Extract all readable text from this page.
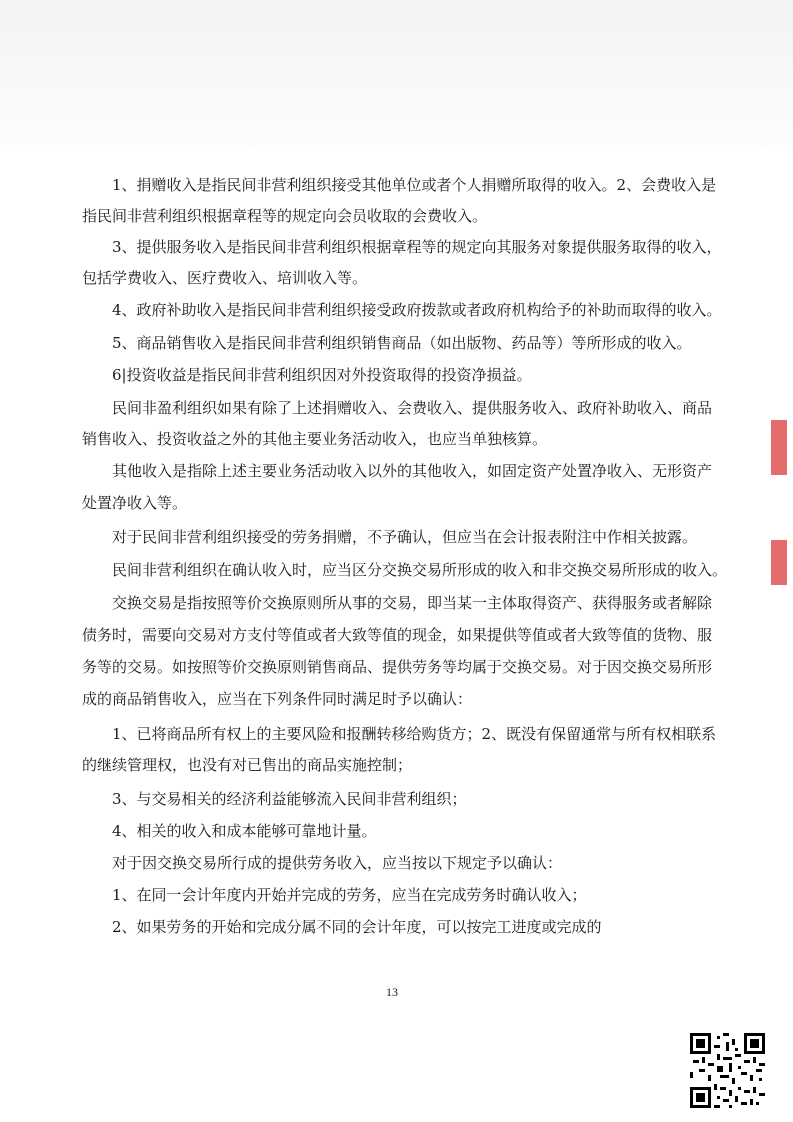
1、捐赠收入是指民间非营利组织接受其他单位或者个人捐赠所取得的收入。2、会费收入是
指民间非营利组织根据章程等的规定向会员收取的会费收入。
3、提供服务收入是指民间非营利组织根据章程等的规定向其服务对象提供服务取得的收入，
包括学费收入、医疗费收入、培训收入等。
4、政府补助收入是指民间非营利组织接受政府拨款或者政府机构给予的补助而取得的收入。
5、商品销售收入是指民间非营利组织销售商品（如出版物、药品等）等所形成的收入。
6|投资收益是指民间非营利组织因对外投资取得的投资净损益。
民间非盈利组织如果有除了上述捐赠收入、会费收入、提供服务收入、政府补助收入、商品
销售收入、投资收益之外的其他主要业务活动收入，也应当单独核算。
其他收入是指除上述主要业务活动收入以外的其他收入，如固定资产处置净收入、无形资产
处置净收入等。
对于民间非营利组织接受的劳务捐赠，不予确认，但应当在会计报表附注中作相关披露。
民间非营利组织在确认收入时，应当区分交换交易所形成的收入和非交换交易所形成的收入。
交换交易是指按照等价交换原则所从事的交易，即当某一主体取得资产、获得服务或者解除
债务时，需要向交易对方支付等值或者大致等值的现金，如果提供等值或者大致等值的货物、服
务等的交易。如按照等价交换原则销售商品、提供劳务等均属于交换交易。对于因交换交易所形
成的商品销售收入，应当在下列条件同时满足时予以确认：
1、已将商品所有权上的主要风险和报酬转移给购货方；2、既没有保留通常与所有权相联系
的继续管理权，也没有对已售出的商品实施控制；
3、与交易相关的经济利益能够流入民间非营利组织；
4、相关的收入和成本能够可靠地计量。
对于因交换交易所行成的提供劳务收入，应当按以下规定予以确认：
1、在同一会计年度内开始并完成的劳务，应当在完成劳务时确认收入；
2、如果劳务的开始和完成分属不同的会计年度，可以按完工进度或完成的
13
